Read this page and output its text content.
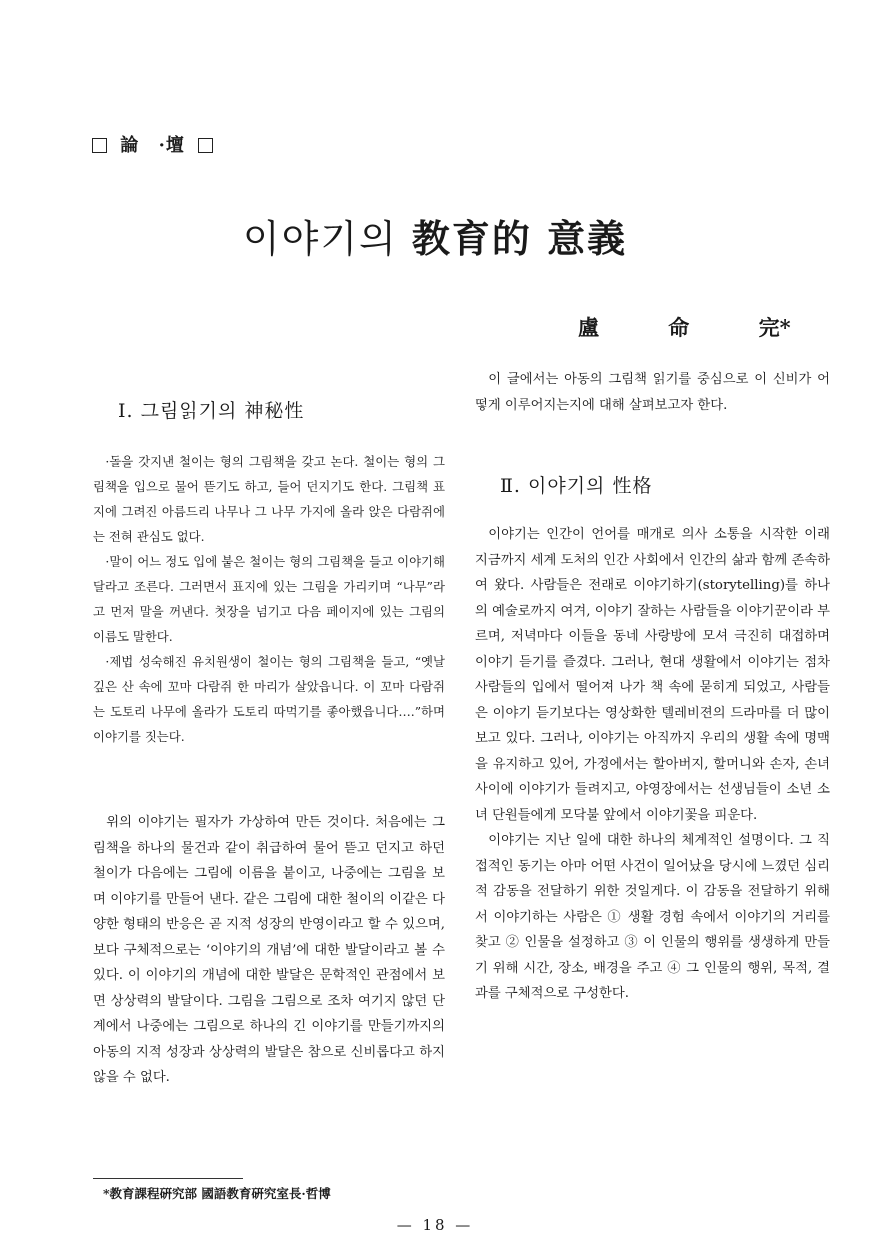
論 ·壇
이야기의 教育的 意義
盧 命 完*
Ⅰ. 그림읽기의 神秘性

·돌을 갓지낸 철이는 형의 그림책을 갖고 논다. 철이는 형의 그림책을 입으로 물어 뜯기도 하고, 들어 던지기도 한다. 그림책 표지에 그려진 아름드리 나무나 그 나무 가지에 올라 앉은 다람쥐에는 전혀 관심도 없다.

·말이 어느 정도 입에 붙은 철이는 형의 그림책을 들고 이야기해 달라고 조른다. 그러면서 표지에 있는 그림을 가리키며 “나무”라고 먼저 말을 꺼낸다. 첫장을 넘기고 다음 페이지에 있는 그림의 이름도 말한다.

·제법 성숙해진 유치원생이 철이는 형의 그림책을 들고, “옛날 깊은 산 속에 꼬마 다람쥐 한 마리가 살았읍니다. 이 꼬마 다람쥐는 도토리 나무에 올라가 도토리 따먹기를 좋아했읍니다….”하며 이야기를 짓는다.

위의 이야기는 필자가 가상하여 만든 것이다. 처음에는 그림책을 하나의 물건과 같이 취급하여 물어 뜯고 던지고 하던 철이가 다음에는 그림에 이름을 붙이고, 나중에는 그림을 보며 이야기를 만들어 낸다. 같은 그림에 대한 철이의 이같은 다양한 형태의 반응은 곧 지적 성장의 반영이라고 할 수 있으며, 보다 구체적으로는 ‘이야기의 개념’에 대한 발달이라고 볼 수 있다. 이 이야기의 개념에 대한 발달은 문학적인 관점에서 보면 상상력의 발달이다. 그림을 그림으로 조차 여기지 않던 단계에서 나중에는 그림으로 하나의 긴 이야기를 만들기까지의 아동의 지적 성장과 상상력의 발달은 참으로 신비롭다고 하지 않을 수 없다.

이 글에서는 아동의 그림책 읽기를 중심으로 이 신비가 어떻게 이루어지는지에 대해 살펴보고자 한다.

Ⅱ. 이야기의 性格

이야기는 인간이 언어를 매개로 의사 소통을 시작한 이래 지금까지 세계 도처의 인간 사회에서 인간의 삶과 함께 존속하여 왔다. 사람들은 전래로 이야기하기(storytelling)를 하나의 예술로까지 여겨, 이야기 잘하는 사람들을 이야기꾼이라 부르며, 저녁마다 이들을 동네 사랑방에 모셔 극진히 대접하며 이야기 듣기를 즐겼다. 그러나, 현대 생활에서 이야기는 점차 사람들의 입에서 떨어져 나가 책 속에 묻히게 되었고, 사람들은 이야기 듣기보다는 영상화한 텔레비젼의 드라마를 더 많이 보고 있다. 그러나, 이야기는 아직까지 우리의 생활 속에 명맥을 유지하고 있어, 가정에서는 할아버지, 할머니와 손자, 손녀 사이에 이야기가 들려지고, 야영장에서는 선생님들이 소년 소녀 단원들에게 모닥불 앞에서 이야기꽃을 피운다.

이야기는 지난 일에 대한 하나의 체계적인 설명이다. 그 직접적인 동기는 아마 어떤 사건이 일어났을 당시에 느꼈던 심리적 감동을 전달하기 위한 것일게다. 이 감동을 전달하기 위해서 이야기하는 사람은 ① 생활 경험 속에서 이야기의 거리를 찾고 ② 인물을 설정하고 ③ 이 인물의 행위를 생생하게 만들기 위해 시간, 장소, 배경을 주고 ④ 그 인물의 행위, 목적, 결과를 구체적으로 구성한다.

*教育課程硏究部 國語教育硏究室長·哲博
— 18 —
